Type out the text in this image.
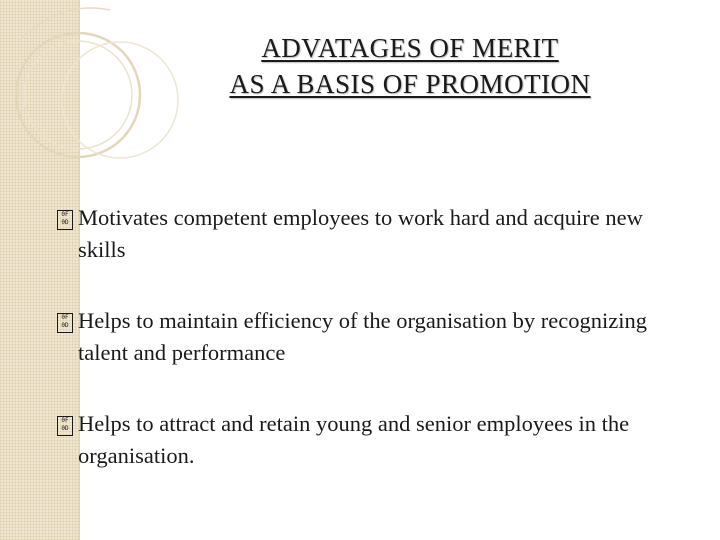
ADVATAGES OF MERIT
AS A BASIS OF PROMOTION
0F
0D Motivates competent employees to work hard and acquire new skills
0F
0D Helps to maintain efficiency of the organisation by recognizing talent and performance
0F
0D Helps to attract and retain young and senior employees in the organisation.
